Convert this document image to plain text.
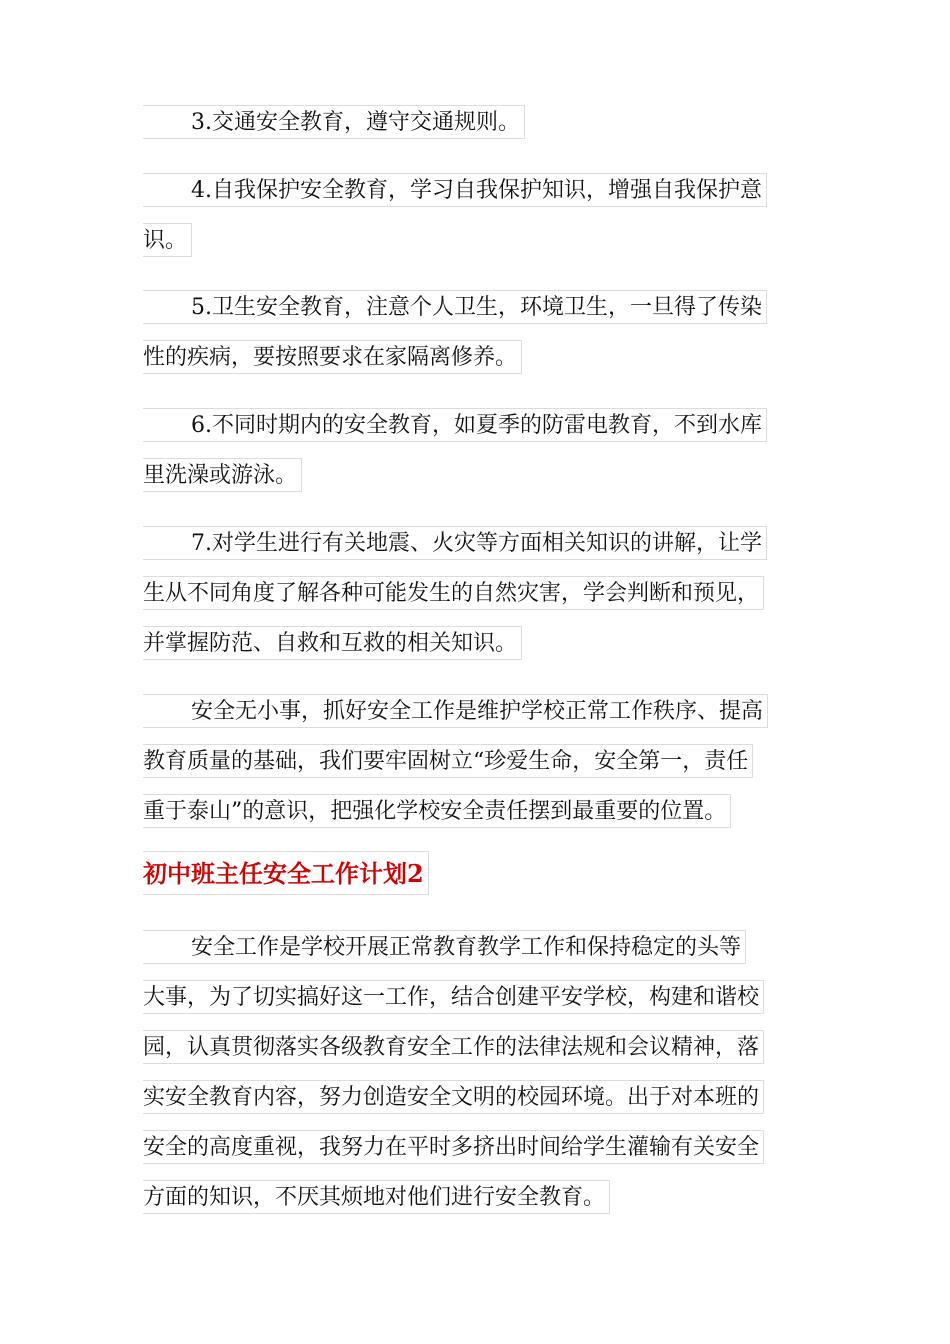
3.交通安全教育，遵守交通规则。
4.自我保护安全教育，学习自我保护知识，增强自我保护意
识。
5.卫生安全教育，注意个人卫生，环境卫生，一旦得了传染
性的疾病，要按照要求在家隔离修养。
6.不同时期内的安全教育，如夏季的防雷电教育，不到水库
里洗澡或游泳。
7.对学生进行有关地震、火灾等方面相关知识的讲解，让学
生从不同角度了解各种可能发生的自然灾害，学会判断和预见，
并掌握防范、自救和互救的相关知识。
安全无小事，抓好安全工作是维护学校正常工作秩序、提高
教育质量的基础，我们要牢固树立“珍爱生命，安全第一，责任
重于泰山”的意识，把强化学校安全责任摆到最重要的位置。
初中班主任安全工作计划2
安全工作是学校开展正常教育教学工作和保持稳定的头等
大事，为了切实搞好这一工作，结合创建平安学校，构建和谐校
园，认真贯彻落实各级教育安全工作的法律法规和会议精神，落
实安全教育内容，努力创造安全文明的校园环境。出于对本班的
安全的高度重视，我努力在平时多挤出时间给学生灌输有关安全
方面的知识，不厌其烦地对他们进行安全教育。
